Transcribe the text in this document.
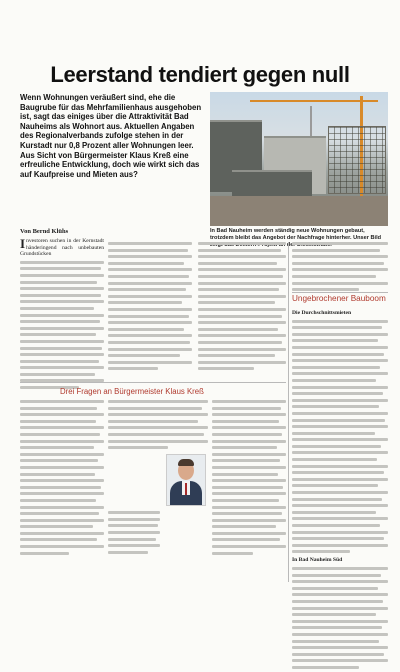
Leerstand tendiert gegen null
Wenn Wohnungen veräußert sind, ehe die Baugrube für das Mehrfamilienhaus ausgehoben ist, sagt das einiges über die Attraktivität Bad Nauheims als Wohnort aus. Aktuellen Angaben des Regionalverbands zufolge stehen in der Kurstadt nur 0,8 Prozent aller Wohnungen leer. Aus Sicht von Bürgermeister Klaus Kreß eine erfreuliche Entwicklung, doch wie wirkt sich das auf Kaufpreise und Mieten aus?
Von Bernd Klühs	In Bad Nauheim werden ständig neue Wohnungen gebaut, trotzdem bleibt das Angebot der Nachfrage hinterher. Unser Bild der

Investoren suchen in der Kernstadt händeringend nach unbebauten Grundstücken

Ungebrochener Bauboom

Die Durchschnittsmieten

In Bad Nauheim Süd

Drei Fragen an Bürgermeister Klaus Kreß
